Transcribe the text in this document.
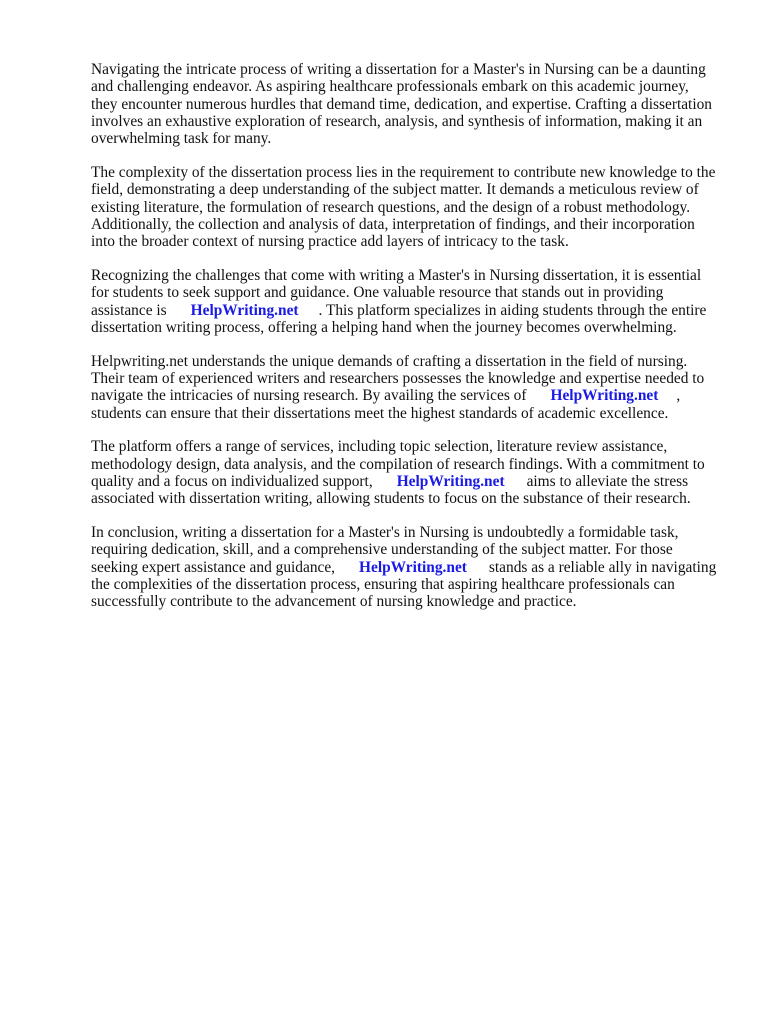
Navigating the intricate process of writing a dissertation for a Master's in Nursing can be a daunting
and challenging endeavor. As aspiring healthcare professionals embark on this academic journey,
they encounter numerous hurdles that demand time, dedication, and expertise. Crafting a dissertation
involves an exhaustive exploration of research, analysis, and synthesis of information, making it an
overwhelming task for many.

The complexity of the dissertation process lies in the requirement to contribute new knowledge to the
field, demonstrating a deep understanding of the subject matter. It demands a meticulous review of
existing literature, the formulation of research questions, and the design of a robust methodology.
Additionally, the collection and analysis of data, interpretation of findings, and their incorporation
into the broader context of nursing practice add layers of intricacy to the task.

Recognizing the challenges that come with writing a Master's in Nursing dissertation, it is essential
for students to seek support and guidance. One valuable resource that stands out in providing
assistance is HelpWriting.net . This platform specializes in aiding students through the entire
dissertation writing process, offering a helping hand when the journey becomes overwhelming.

Helpwriting.net understands the unique demands of crafting a dissertation in the field of nursing.
Their team of experienced writers and researchers possesses the knowledge and expertise needed to
navigate the intricacies of nursing research. By availing the services of HelpWriting.net ,
students can ensure that their dissertations meet the highest standards of academic excellence.

The platform offers a range of services, including topic selection, literature review assistance,
methodology design, data analysis, and the compilation of research findings. With a commitment to
quality and a focus on individualized support, HelpWriting.net aims to alleviate the stress
associated with dissertation writing, allowing students to focus on the substance of their research.

In conclusion, writing a dissertation for a Master's in Nursing is undoubtedly a formidable task,
requiring dedication, skill, and a comprehensive understanding of the subject matter. For those
seeking expert assistance and guidance, HelpWriting.net stands as a reliable ally in navigating
the complexities of the dissertation process, ensuring that aspiring healthcare professionals can
successfully contribute to the advancement of nursing knowledge and practice.
